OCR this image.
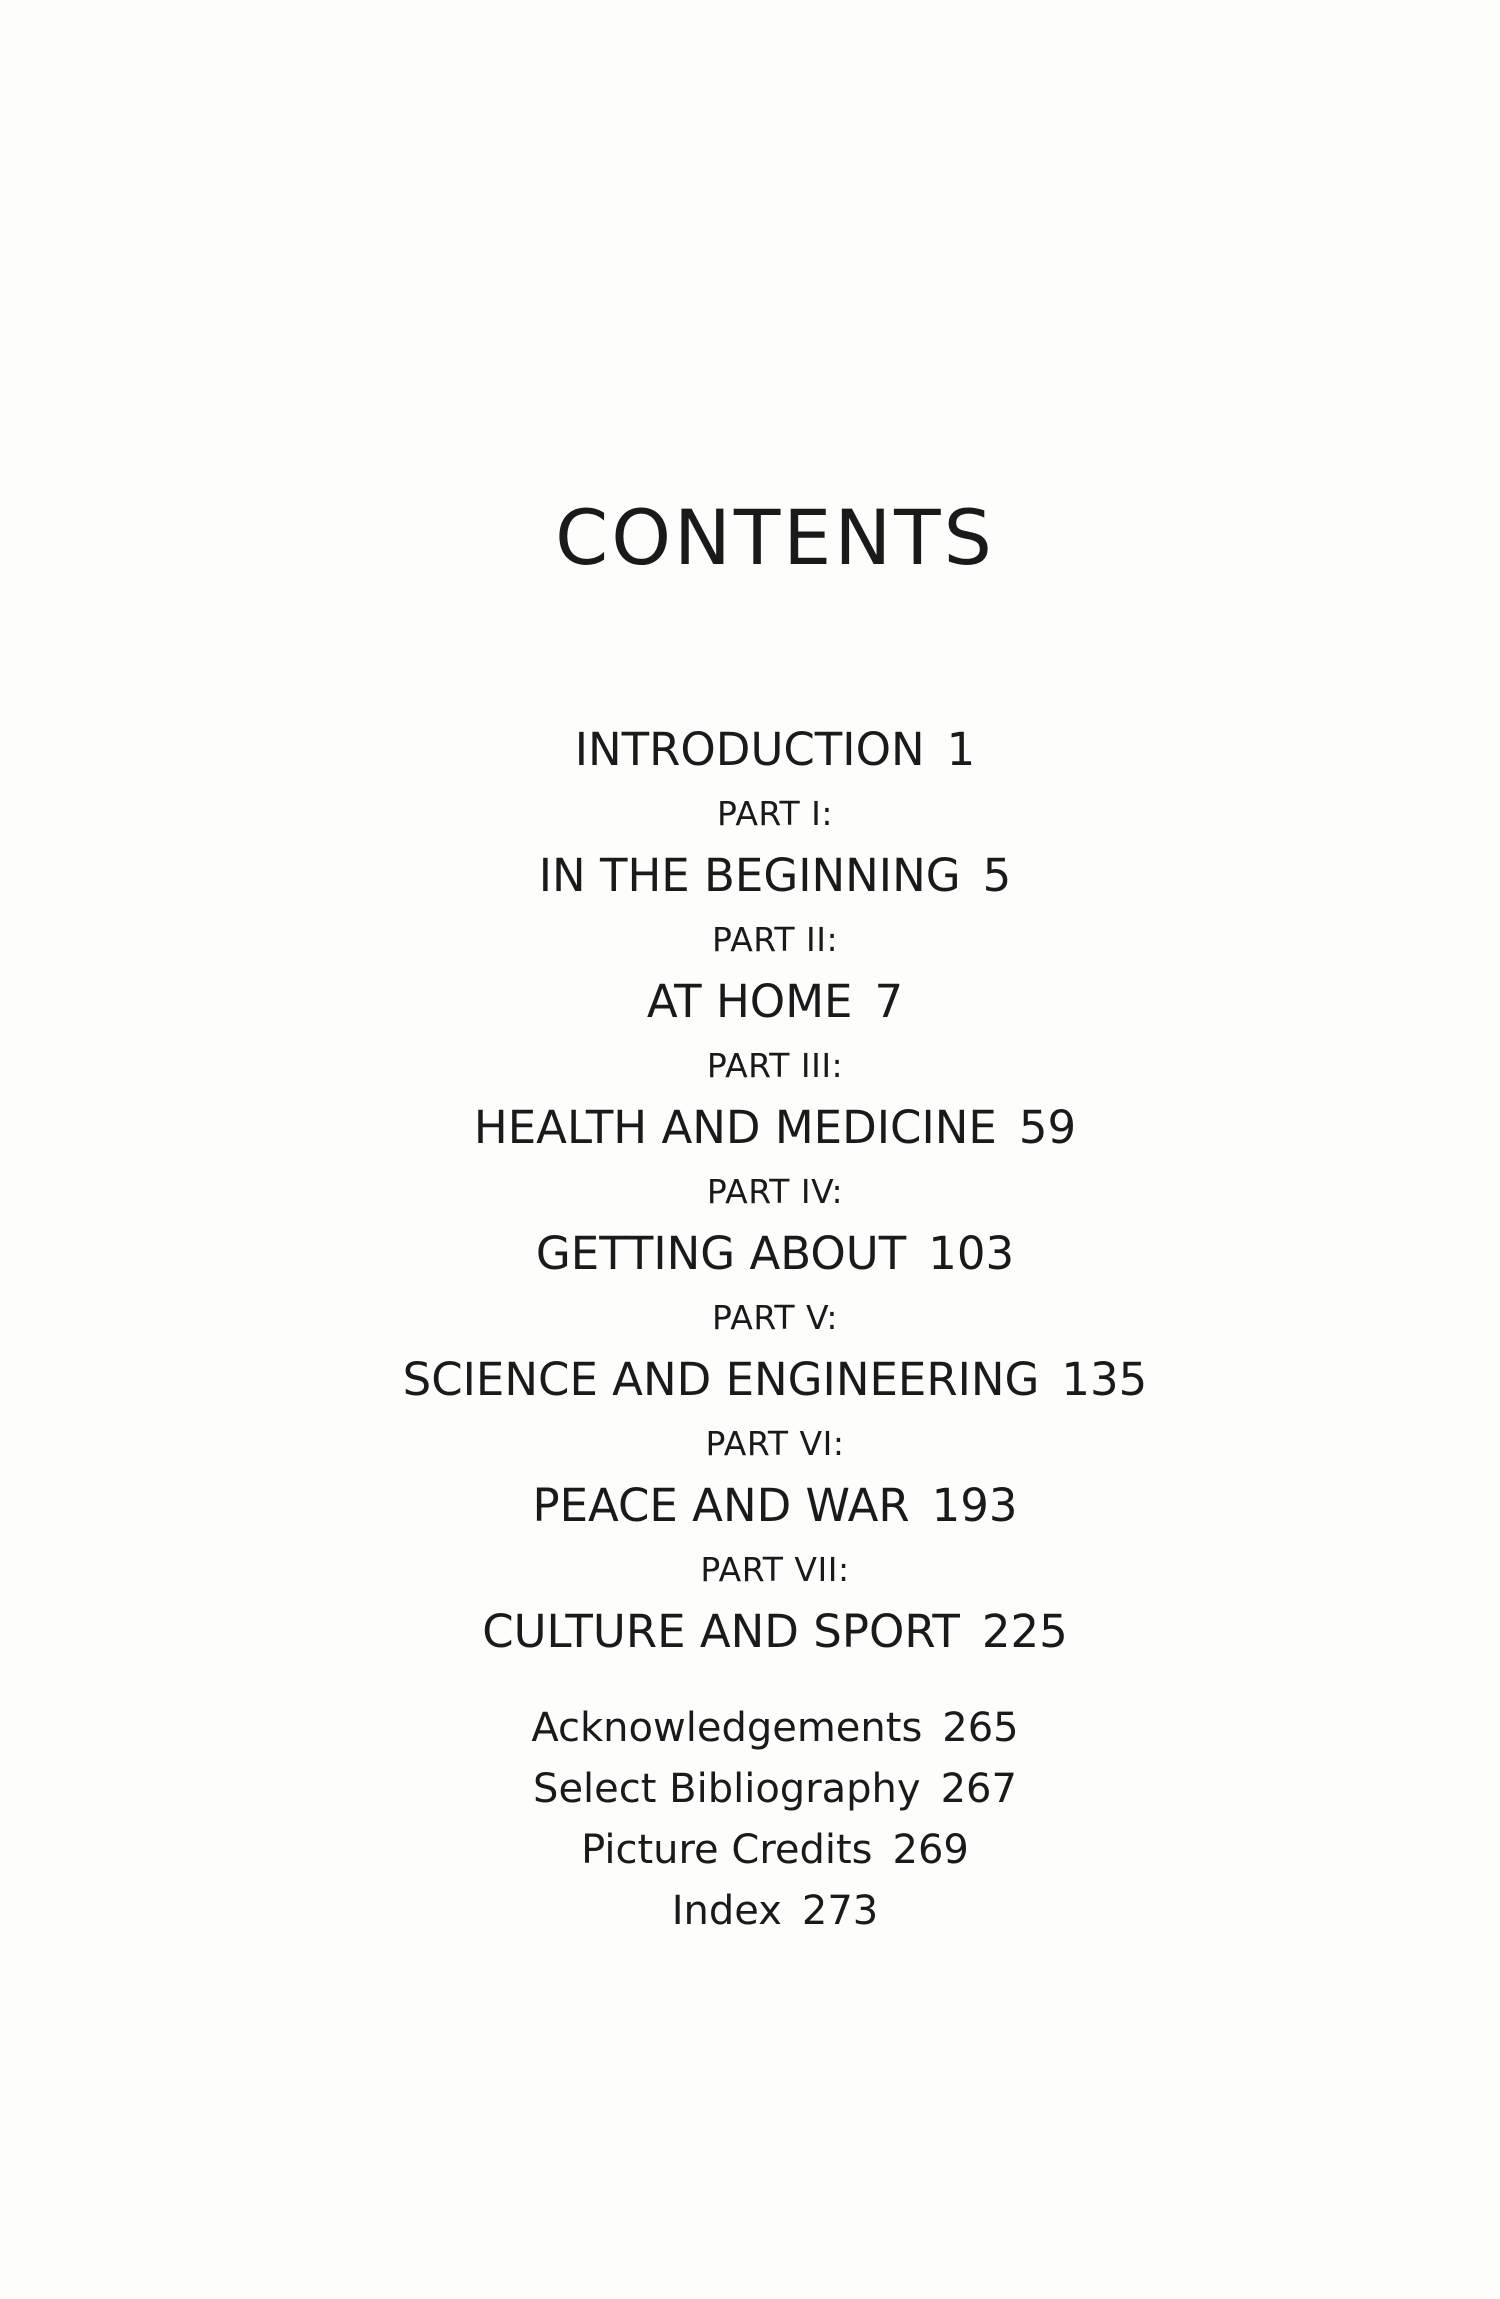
CONTENTS
INTRODUCTION 1
PART I:
IN THE BEGINNING 5
PART II:
AT HOME 7
PART III:
HEALTH AND MEDICINE 59
PART IV:
GETTING ABOUT 103
PART V:
SCIENCE AND ENGINEERING 135
PART VI:
PEACE AND WAR 193
PART VII:
CULTURE AND SPORT 225
Acknowledgements 265
Select Bibliography 267
Picture Credits 269
Index 273
